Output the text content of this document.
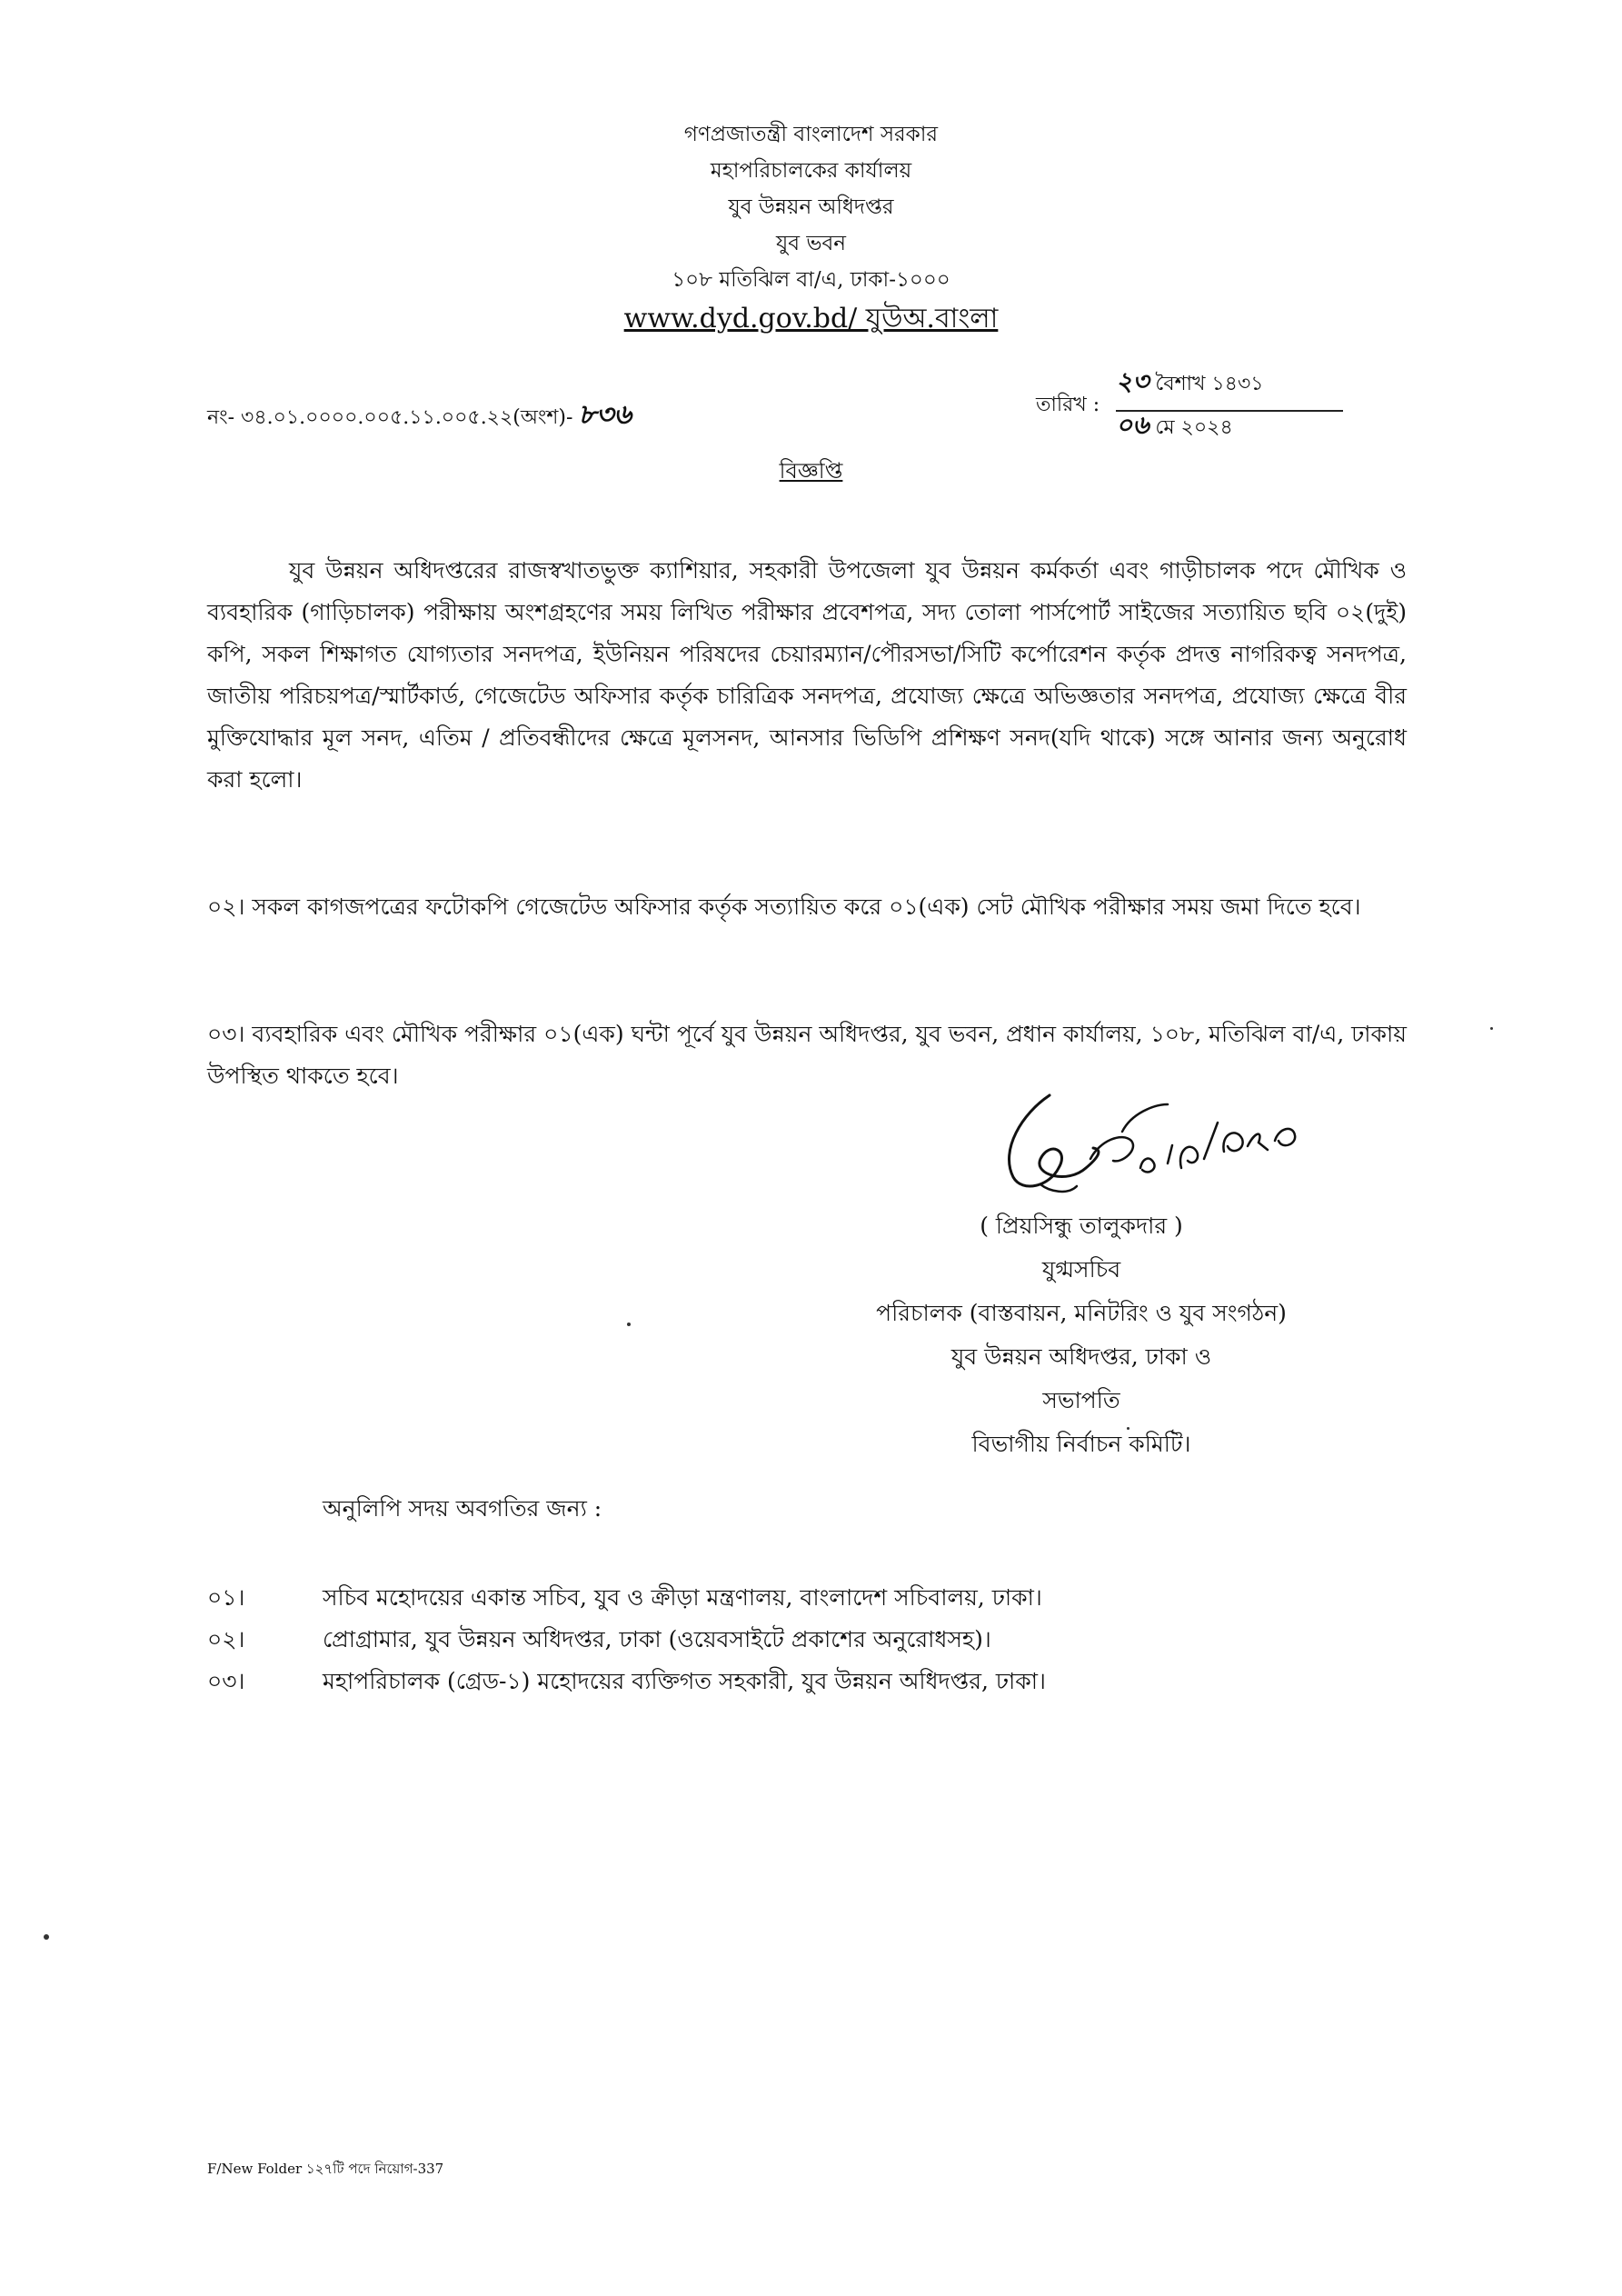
গণপ্রজাতন্ত্রী বাংলাদেশ সরকার
মহাপরিচালকের কার্যালয়
যুব উন্নয়ন অধিদপ্তর
যুব ভবন
১০৮ মতিঝিল বা/এ, ঢাকা-১০০০
www.dyd.gov.bd/ যুউঅ.বাংলা
নং- ৩৪.০১.০০০০.০০৫.১১.০০৫.২২(অংশ)- ৮৩৬	তারিখ :
২৩ বৈশাখ ১৪৩১
০৬ মে ২০২৪
বিজ্ঞপ্তি
যুব উন্নয়ন অধিদপ্তরের রাজস্বখাতভুক্ত ক্যাশিয়ার, সহকারী উপজেলা যুব উন্নয়ন কর্মকর্তা এবং গাড়ীচালক পদে মৌখিক ও ব্যবহারিক (গাড়িচালক) পরীক্ষায় অংশগ্রহণের সময় লিখিত পরীক্ষার প্রবেশপত্র, সদ্য তোলা পার্সপোর্ট সাইজের সত্যায়িত ছবি ০২(দুই) কপি, সকল শিক্ষাগত যোগ্যতার সনদপত্র, ইউনিয়ন পরিষদের চেয়ারম্যান/পৌরসভা/সিটি কর্পোরেশন কর্তৃক প্রদত্ত নাগরিকত্ব সনদপত্র, জাতীয় পরিচয়পত্র/স্মার্টকার্ড, গেজেটেড অফিসার কর্তৃক চারিত্রিক সনদপত্র, প্রযোজ্য ক্ষেত্রে অভিজ্ঞতার সনদপত্র, প্রযোজ্য ক্ষেত্রে বীর মুক্তিযোদ্ধার মূল সনদ, এতিম / প্রতিবন্ধীদের ক্ষেত্রে মূলসনদ, আনসার ভিডিপি প্রশিক্ষণ সনদ(যদি থাকে) সঙ্গে আনার জন্য অনুরোধ করা হলো।
০২। সকল কাগজপত্রের ফটোকপি গেজেটেড অফিসার কর্তৃক সত্যায়িত করে ০১(এক) সেট মৌখিক পরীক্ষার সময় জমা দিতে হবে।
০৩। ব্যবহারিক এবং মৌখিক পরীক্ষার ০১(এক) ঘন্টা পূর্বে যুব উন্নয়ন অধিদপ্তর, যুব ভবন, প্রধান কার্যালয়, ১০৮, মতিঝিল বা/এ, ঢাকায় উপস্থিত থাকতে হবে।
( প্রিয়সিন্ধু তালুকদার )
যুগ্মসচিব
পরিচালক (বাস্তবায়ন, মনিটরিং ও যুব সংগঠন)
যুব উন্নয়ন অধিদপ্তর, ঢাকা ও
সভাপতি
বিভাগীয় নির্বাচন কমিটি।
অনুলিপি সদয় অবগতির জন্য :
০১।	সচিব মহোদয়ের একান্ত সচিব, যুব ও ক্রীড়া মন্ত্রণালয়, বাংলাদেশ সচিবালয়, ঢাকা।
০২।	প্রোগ্রামার, যুব উন্নয়ন অধিদপ্তর, ঢাকা (ওয়েবসাইটে প্রকাশের অনুরোধসহ)।
০৩।	মহাপরিচালক (গ্রেড-১) মহোদয়ের ব্যক্তিগত সহকারী, যুব উন্নয়ন অধিদপ্তর, ঢাকা।
F/New Folder ১২৭টি পদে নিয়োগ-337
